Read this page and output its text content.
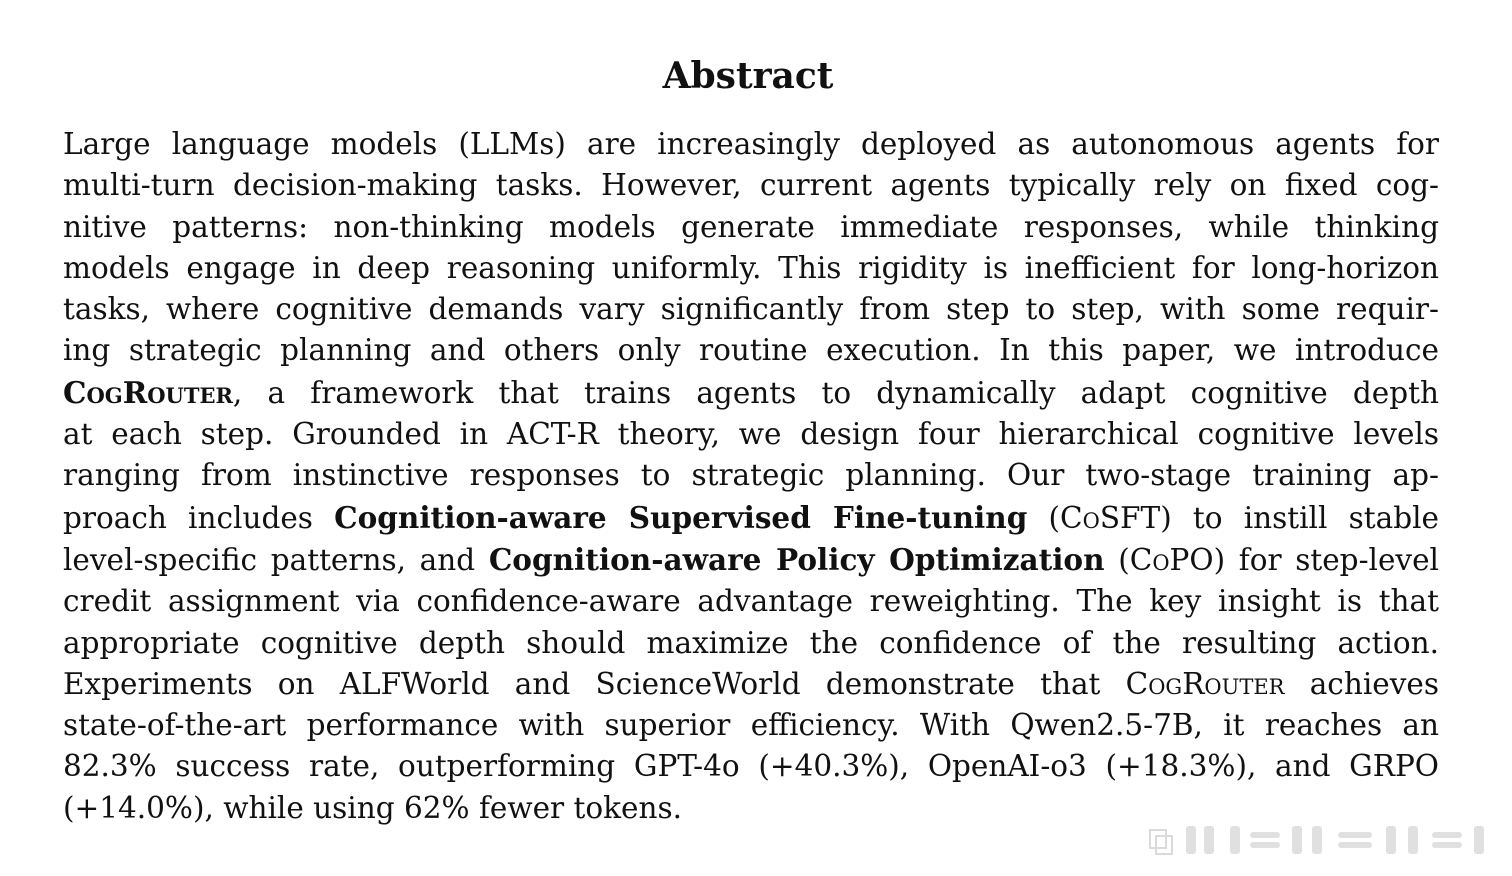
Abstract
Large language models (LLMs) are increasingly deployed as autonomous agents for
multi-turn decision-making tasks. However, current agents typically rely on fixed cog-
nitive patterns: non-thinking models generate immediate responses, while thinking
models engage in deep reasoning uniformly. This rigidity is inefficient for long-horizon
tasks, where cognitive demands vary significantly from step to step, with some requir-
ing strategic planning and others only routine execution. In this paper, we introduce
CogRouter, a framework that trains agents to dynamically adapt cognitive depth
at each step. Grounded in ACT-R theory, we design four hierarchical cognitive levels
ranging from instinctive responses to strategic planning. Our two-stage training ap-
proach includes Cognition-aware Supervised Fine-tuning (CoSFT) to instill stable
level-specific patterns, and Cognition-aware Policy Optimization (CoPO) for step-level
credit assignment via confidence-aware advantage reweighting. The key insight is that
appropriate cognitive depth should maximize the confidence of the resulting action.
Experiments on ALFWorld and ScienceWorld demonstrate that CogRouter achieves
state-of-the-art performance with superior efficiency. With Qwen2.5-7B, it reaches an
82.3% success rate, outperforming GPT-4o (+40.3%), OpenAI-o3 (+18.3%), and GRPO
(+14.0%), while using 62% fewer tokens.
